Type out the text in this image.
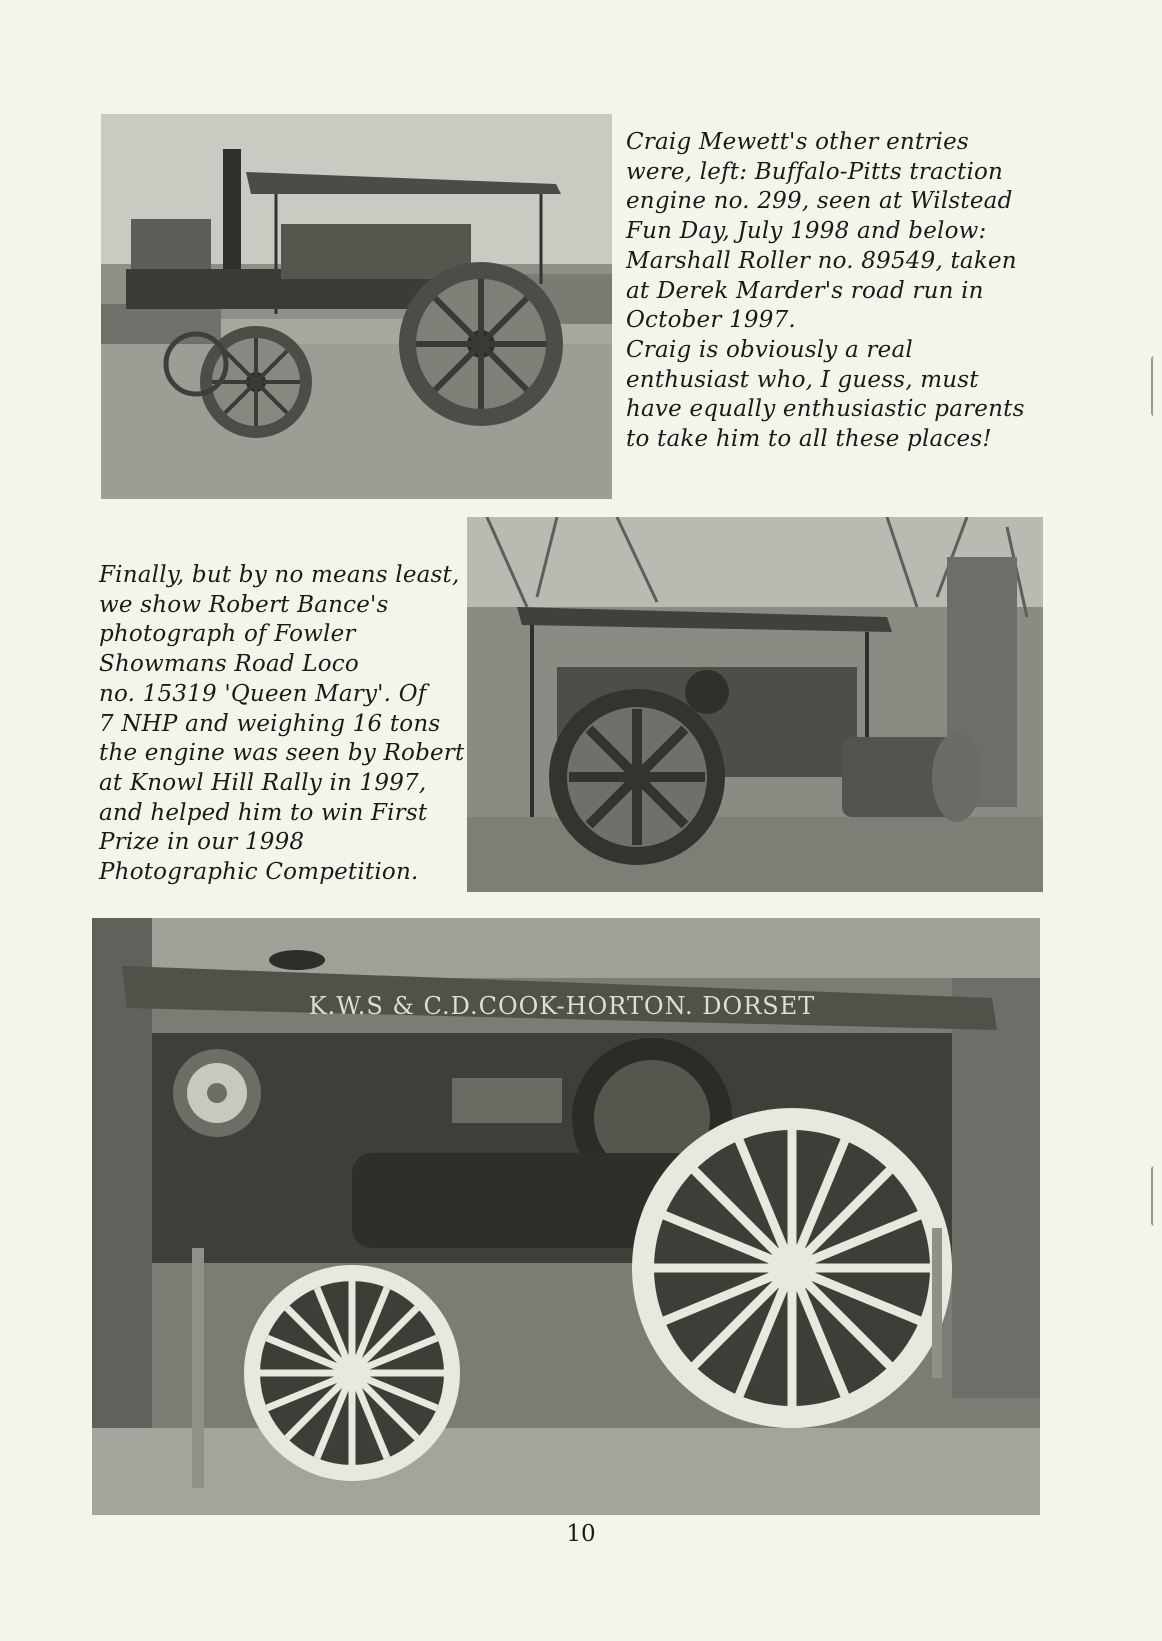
Craig Mewett's other entries
were, left: Buffalo-Pitts traction
engine no. 299, seen at Wilstead
Fun Day, July 1998 and below:
Marshall Roller no. 89549, taken
at Derek Marder's road run in
October 1997.
Craig is obviously a real
enthusiast who, I guess, must
have equally enthusiastic parents
to take him to all these places!
Finally, but by no means least,
we show Robert Bance's
photograph of Fowler
Showmans Road Loco
no. 15319 'Queen Mary'. Of
7 NHP and weighing 16 tons
the engine was seen by Robert
at Knowl Hill Rally in 1997,
and helped him to win First
Prize in our 1998
Photographic Competition.
K.W.S & C.D.COOK-HORTON. DORSET
10
